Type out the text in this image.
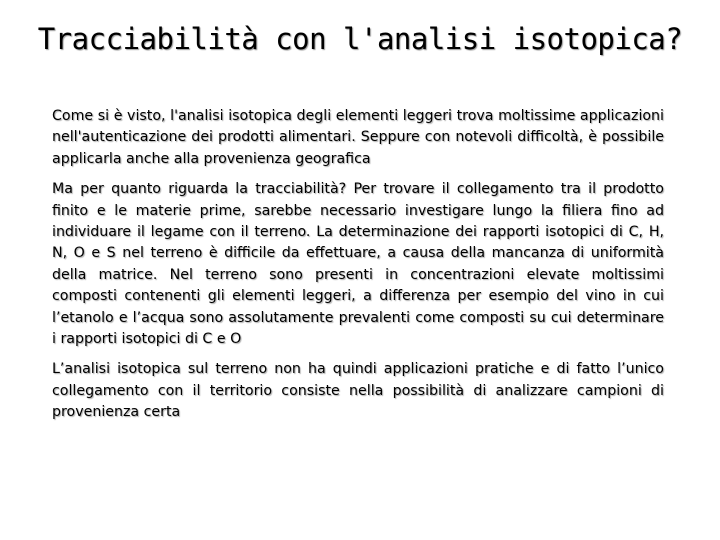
Tracciabilità con l'analisi isotopica?

Come si è visto, l'analisi isotopica degli elementi leggeri trova moltissime applicazioni nell'autenticazione dei prodotti alimentari. Seppure con notevoli difficoltà, è possibile applicarla anche alla provenienza geografica

Ma per quanto riguarda la tracciabilità? Per trovare il collegamento tra il prodotto finito e le materie prime, sarebbe necessario investigare lungo la filiera fino ad individuare il legame con il terreno. La determinazione dei rapporti isotopici di C, H, N, O e S nel terreno è difficile da effettuare, a causa della mancanza di uniformità della matrice. Nel terreno sono presenti in concentrazioni elevate moltissimi composti contenenti gli elementi leggeri, a differenza per esempio del vino in cui l’etanolo e l’acqua sono assolutamente prevalenti come composti su cui determinare i rapporti isotopici di C e O

L’analisi isotopica sul terreno non ha quindi applicazioni pratiche e di fatto l’unico collegamento con il territorio consiste nella possibilità di analizzare campioni di provenienza certa
